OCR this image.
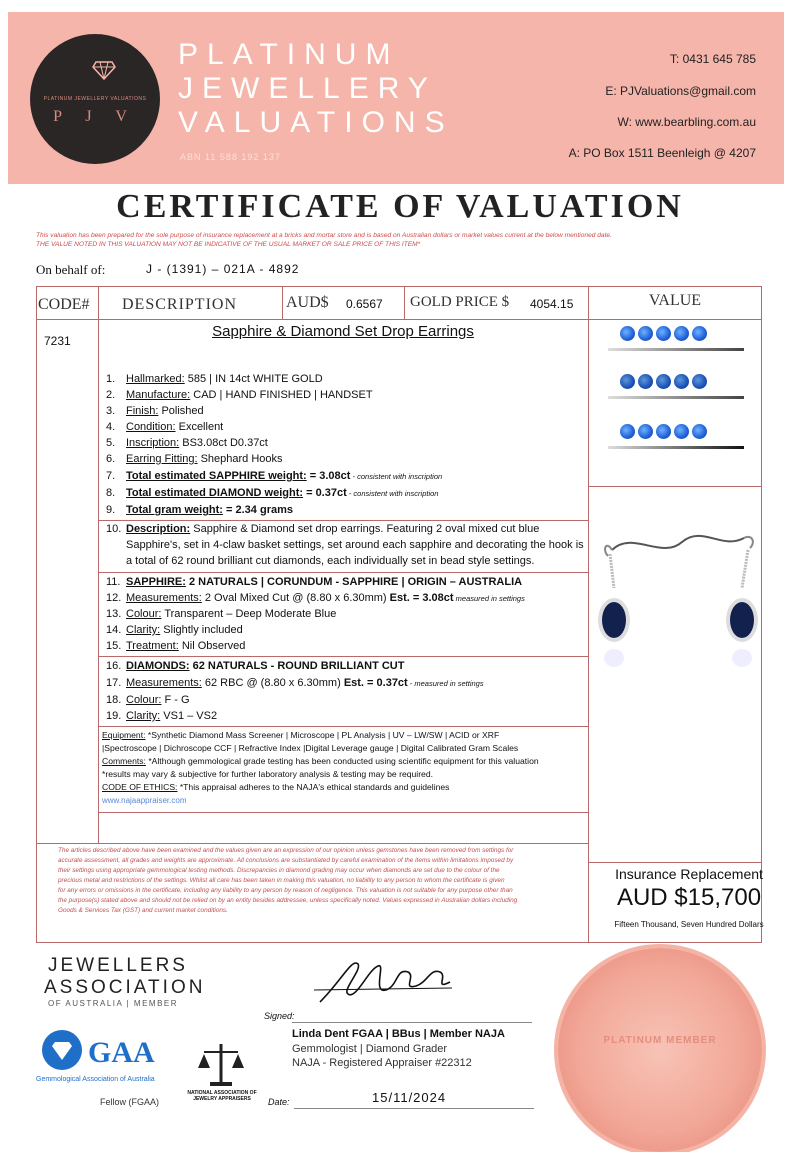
PLATINUM JEWELLERY VALUATIONS
P J V
PLATINUM
JEWELLERY
VALUATIONS
ABN 11 588 192 137
T: 0431 645 785
E: PJValuations@gmail.com
W: www.bearbling.com.au
A: PO Box 1511 Beenleigh @ 4207
CERTIFICATE OF VALUATION
This valuation has been prepared for the sole purpose of insurance replacement at a bricks and mortar store and is based on Australian dollars or market values current at the below mentioned date.
THE VALUE NOTED IN THIS VALUATION MAY NOT BE INDICATIVE OF THE USUAL MARKET OR SALE PRICE OF THIS ITEM*
On behalf of:	J - (1391) – 021A - 4892
CODE# DESCRIPTION	AUD$ 0.6567 GOLD PRICE $ 4054.15	VALUE
7231
Sapphire & Diamond Set Drop Earrings
1. Hallmarked: 585 | IN 14ct WHITE GOLD
2. Manufacture: CAD | HAND FINISHED | HANDSET
3. Finish: Polished
4. Condition: Excellent
5. Inscription: BS3.08ct D0.37ct
6. Earring Fitting: Shephard Hooks
7. Total estimated SAPPHIRE weight: = 3.08ct - consistent with inscription
8. Total estimated DIAMOND weight: = 0.37ct - consistent with inscription
9. Total gram weight: = 2.34 grams
10. Description: Sapphire & Diamond set drop earrings. Featuring 2 oval mixed cut blue
Sapphire's, set in 4-claw basket settings, set around each sapphire and decorating the hook is
a total of 62 round brilliant cut diamonds, each individually set in bead style settings.
11. SAPPHIRE: 2 NATURALS | CORUNDUM - SAPPHIRE | ORIGIN – AUSTRALIA
12. Measurements: 2 Oval Mixed Cut @ (8.80 x 6.30mm) Est. = 3.08ct measured in settings
13. Colour: Transparent – Deep Moderate Blue
14. Clarity: Slightly included
15. Treatment: Nil Observed
16. DIAMONDS: 62 NATURALS - ROUND BRILLIANT CUT
17. Measurements: 62 RBC @ (8.80 x 6.30mm) Est. = 0.37ct - measured in settings
18. Colour: F - G
19. Clarity: VS1 – VS2
Equipment: *Synthetic Diamond Mass Screener | Microscope | PL Analysis | UV – LW/SW | ACID or XRF
|Spectroscope | Dichroscope CCF | Refractive Index |Digital Leverage gauge | Digital Calibrated Gram Scales
Comments: *Although gemmological grade testing has been conducted using scientific equipment for this valuation
*results may vary & subjective for further laboratory analysis & testing may be required.
CODE OF ETHICS: *This appraisal adheres to the NAJA's ethical standards and guidelines
www.najaappraiser.com
The articles described above have been examined and the values given are an expression of our opinion unless gemstones have been removed from settings for
accurate assessment, all grades and weights are approximate. All conclusions are substantiated by careful examination of the items within limitations imposed by
their settings using appropriate gemmological testing methods. Discrepancies in diamond grading may occur when diamonds are set due to the colour of the
precious metal and restrictions of the settings. Whilst all care has been taken in making this valuation, no liability to any person to whom the certificate is given
for any errors or omissions in the certificate, including any liability to any person by reason of negligence. This valuation is not suitable for any purpose other than
the purpose(s) stated above and should not be relied on by an entity besides addressee, unless specifically noted. Values expressed in Australian dollars including
Goods & Services Tax (GST) and current market conditions.
Insurance Replacement
AUD $15,700
Fifteen Thousand, Seven Hundred Dollars
JEWELLERS
ASSOCIATION
OF AUSTRALIA | MEMBER
GAA
Gemmological Association of Australia
Fellow (FGAA)
NATIONAL ASSOCIATION OF JEWELRY APPRAISERS
Signed:
Linda Dent FGAA | BBus | Member NAJA
Gemmologist | Diamond Grader
NAJA - Registered Appraiser #22312
Date:	15/11/2024
PLATINUM MEMBER
